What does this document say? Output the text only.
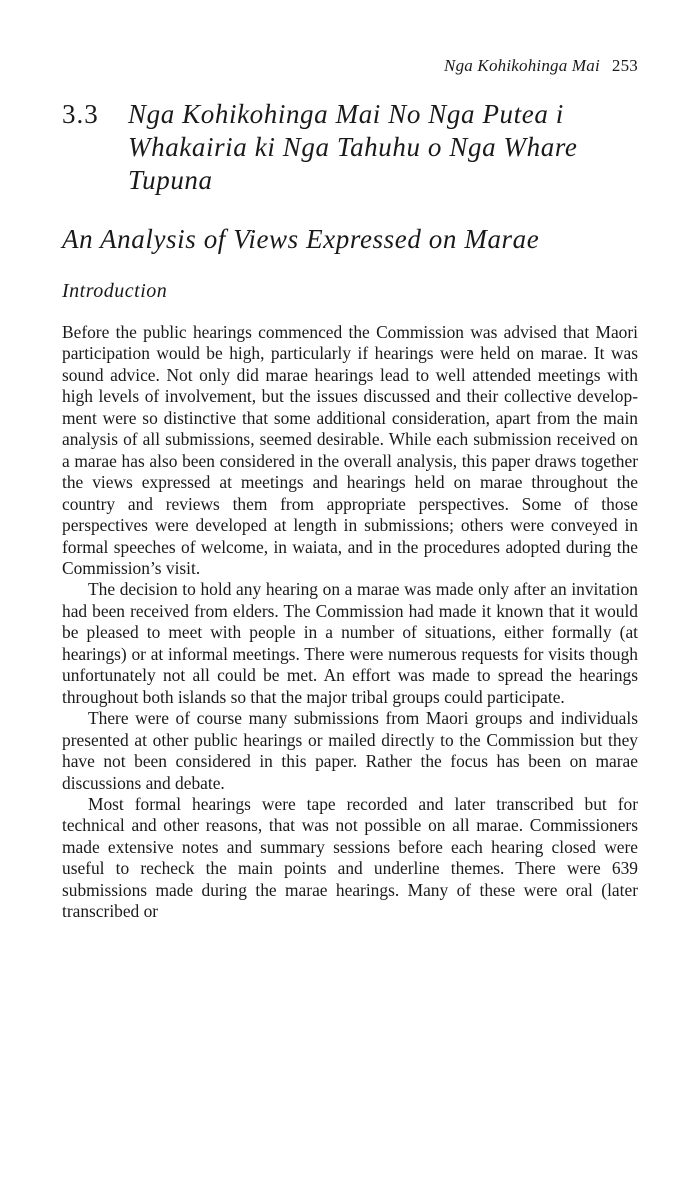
Nga Kohikohinga Mai 253
3.3 Nga Kohikohinga Mai No Nga Putea i Whakairia ki Nga Tahuhu o Nga Whare Tupuna
An Analysis of Views Expressed on Marae
Introduction

Before the public hearings commenced the Commission was advised that Maori participation would be high, particularly if hearings were held on marae. It was sound advice. Not only did marae hearings lead to well attended meetings with high levels of involvement, but the issues discussed and their collective development were so distinctive that some additional consideration, apart from the main analysis of all submissions, seemed desirable. While each submission received on a marae has also been considered in the overall analysis, this paper draws together the views expressed at meetings and hearings held on marae throughout the country and reviews them from appropriate perspectives. Some of those perspectives were developed at length in submissions; others were conveyed in formal speeches of welcome, in waiata, and in the procedures adopted during the Commission’s visit.

The decision to hold any hearing on a marae was made only after an invitation had been received from elders. The Commission had made it known that it would be pleased to meet with people in a number of situations, either formally (at hearings) or at informal meetings. There were numerous requests for visits though unfortunately not all could be met. An effort was made to spread the hearings throughout both islands so that the major tribal groups could participate.

There were of course many submissions from Maori groups and individuals presented at other public hearings or mailed directly to the Commission but they have not been considered in this paper. Rather the focus has been on marae discussions and debate.

Most formal hearings were tape recorded and later transcribed but for technical and other reasons, that was not possible on all marae. Commissioners made extensive notes and summary sessions before each hearing closed were useful to recheck the main points and underline themes. There were 639 submissions made during the marae hearings. Many of these were oral (later transcribed or
